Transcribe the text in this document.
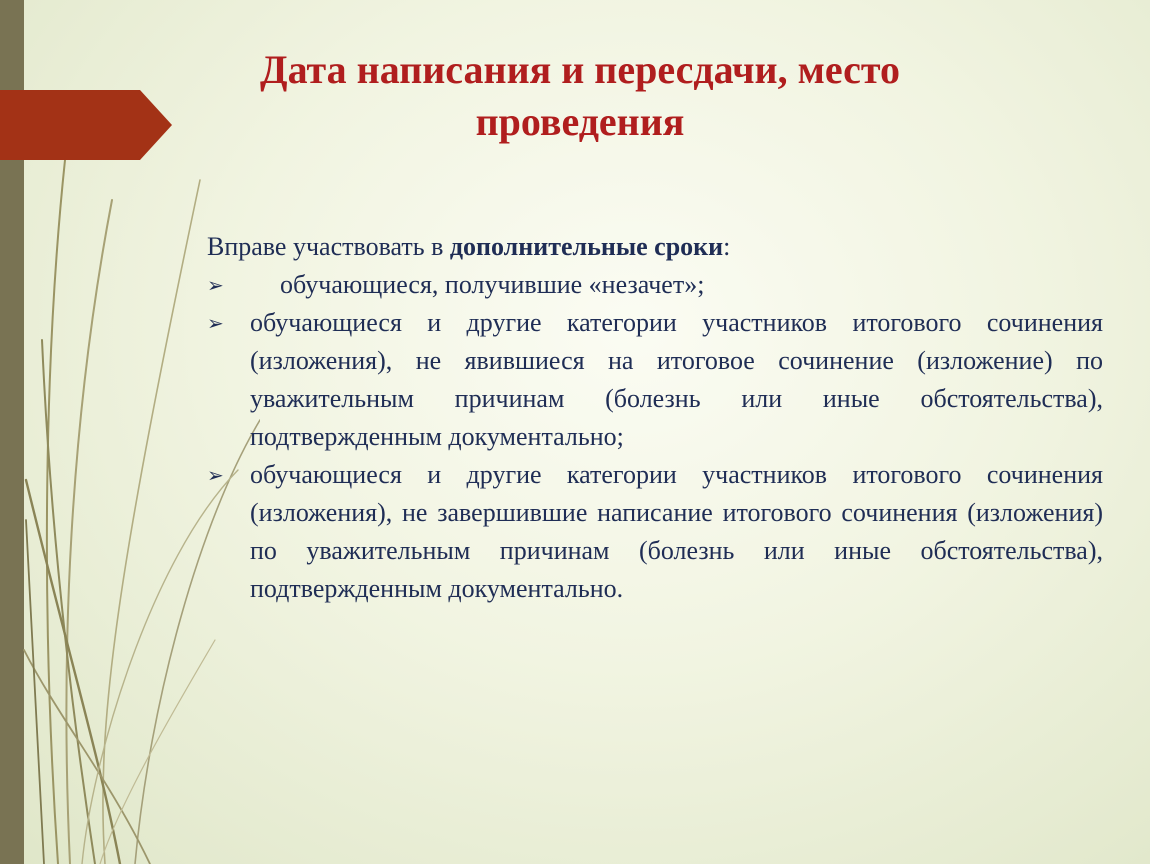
Дата написания и пересдачи, место проведения

Вправе участвовать в дополнительные сроки:

➢	обучающиеся, получившие «незачет»;
➢	обучающиеся и другие категории участников итогового сочинения (изложения), не явившиеся на итоговое сочинение (изложение) по уважительным причинам (болезнь или иные обстоятельства), подтвержденным документально;
➢	обучающиеся и другие категории участников итогового сочинения (изложения), не завершившие написание итогового сочинения (изложения) по уважительным причинам (болезнь или иные обстоятельства), подтвержденным документально.
